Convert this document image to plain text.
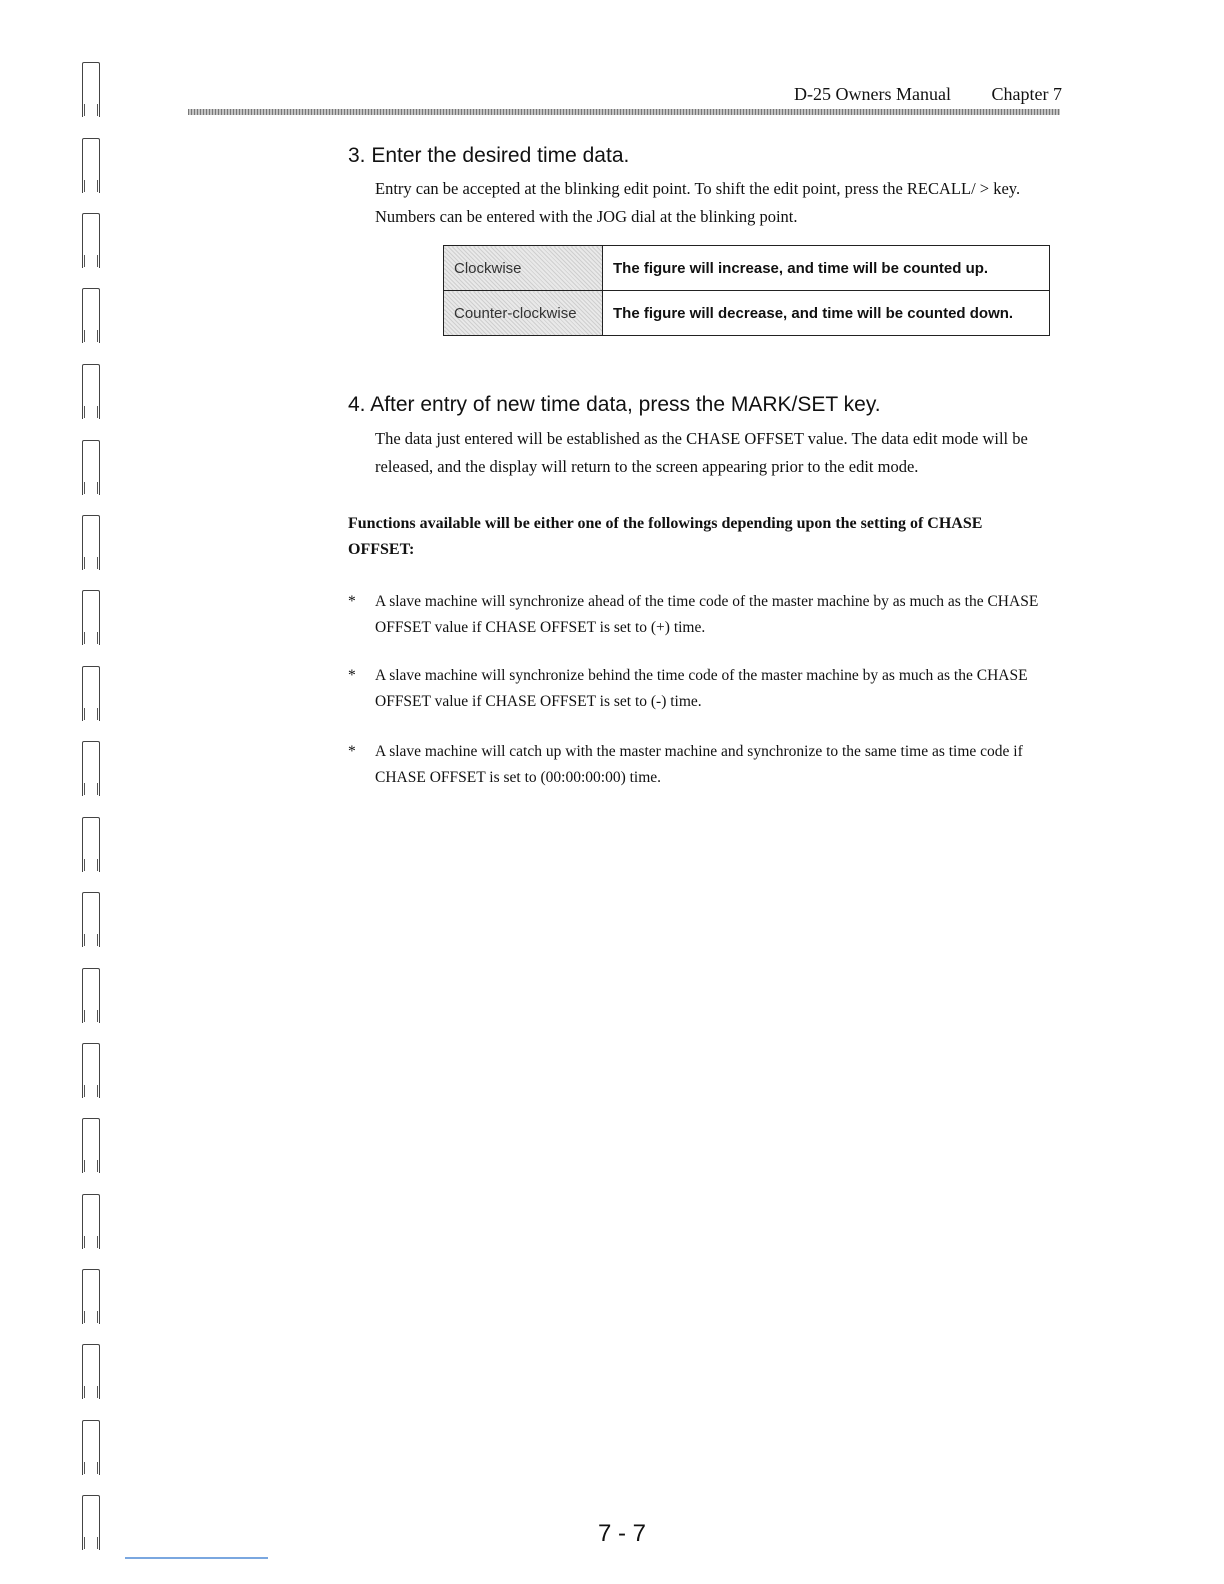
D-25 Owners Manual Chapter 7
3. Enter the desired time data.
Entry can be accepted at the blinking edit point. To shift the edit point, press the RECALL/ > key. Numbers can be entered with the JOG dial at the blinking point.
Clockwise	The figure will increase, and time will be counted up.
Counter-clockwise	The figure will decrease, and time will be counted down.
4. After entry of new time data, press the MARK/SET key.
The data just entered will be established as the CHASE OFFSET value. The data edit mode will be released, and the display will return to the screen appearing prior to the edit mode.
Functions available will be either one of the followings depending upon the setting of CHASE OFFSET:
* A slave machine will synchronize ahead of the time code of the master machine by as much as the CHASE OFFSET value if CHASE OFFSET is set to (+) time.
* A slave machine will synchronize behind the time code of the master machine by as much as the CHASE OFFSET value if CHASE OFFSET is set to (-) time.
* A slave machine will catch up with the master machine and synchronize to the same time as time code if CHASE OFFSET is set to (00:00:00:00) time.
7 - 7
